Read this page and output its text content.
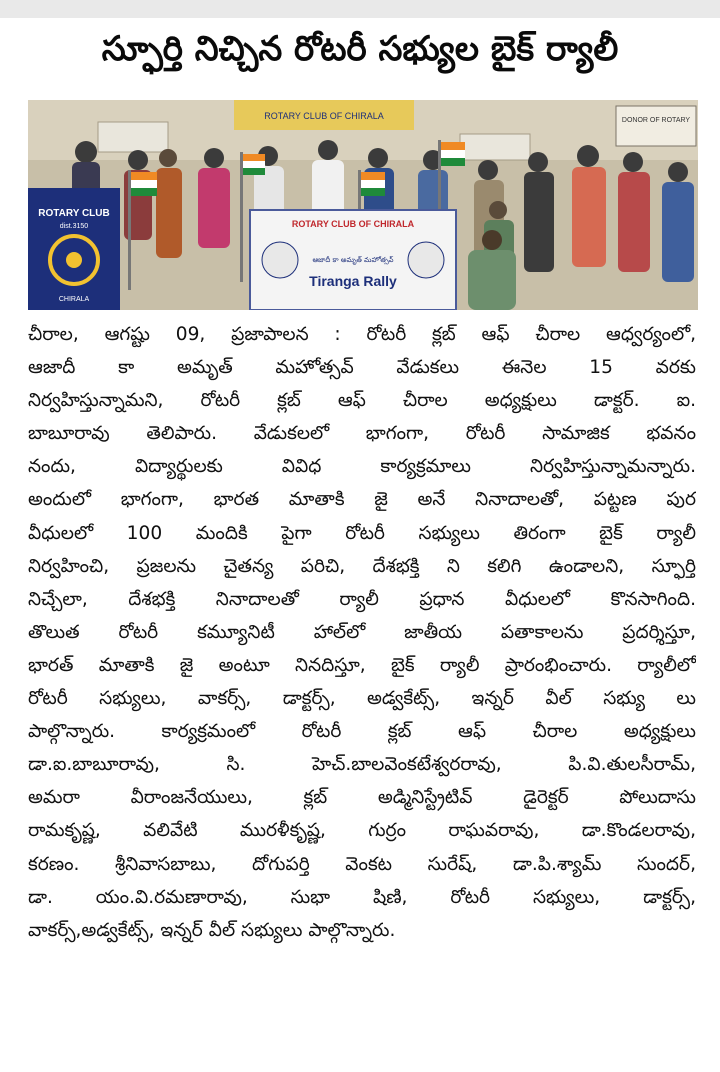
స్ఫూర్తి నిచ్చిన రోటరీ సభ్యుల బైక్ ర్యాలీ
ROTARY CLUB OF CHIRALA	DONOR OF ROTARY
ROTARY CLUB
dist.3150
CHIRALA
ROTARY CLUB OF CHIRALA
ఆజాదీ కా అమృత్ మహోత్సవ్
Tiranga Rally
చీరాల, ఆగష్టు 09, ప్రజాపాలన : రోటరీ క్లబ్ ఆఫ్ చీరాల ఆధ్వర్యంలో,
ఆజాదీ కా అమృత్ మహోత్సవ్ వేడుకలు ఈనెల 15 వరకు
నిర్వహిస్తున్నామని, రోటరీ క్లబ్ ఆఫ్ చీరాల అధ్యక్షులు డాక్టర్. ఐ.
బాబూరావు తెలిపారు. వేడుకలలో భాగంగా, రోటరీ సామాజిక భవనం
నందు, విద్యార్థులకు వివిధ కార్యక్రమాలు నిర్వహిస్తున్నామన్నారు.
అందులో భాగంగా, భారత మాతాకి జై అనే నినాదాలతో, పట్టణ పుర
వీధులలో 100 మందికి పైగా రోటరీ సభ్యులు తిరంగా బైక్ ర్యాలీ
నిర్వహించి, ప్రజలను చైతన్య పరిచి, దేశభక్తి ని కలిగి ఉండాలని, స్ఫూర్తి
నిచ్చేలా, దేశభక్తి నినాదాలతో ర్యాలీ ప్రధాన వీధులలో కొనసాగింది.
తొలుత రోటరీ కమ్యూనిటీ హాల్‌లో జాతీయ పతాకాలను ప్రదర్శిస్తూ,
భారత్ మాతాకి జై అంటూ నినదిస్తూ, బైక్ ర్యాలీ ప్రారంభించారు. ర్యాలీలో
రోటరీ సభ్యులు, వాకర్స్, డాక్టర్స్, అడ్వకేట్స్, ఇన్నర్ వీల్ సభ్యు లు
పాల్గొన్నారు. కార్యక్రమంలో రోటరీ క్లబ్ ఆఫ్ చీరాల అధ్యక్షులు
డా.ఐ.బాబూరావు, సి. హెచ్.బాలవెంకటేశ్వరరావు, పి.వి.తులసీరామ్,
అమరా వీరాంజనేయులు, క్లబ్ అడ్మినిస్ట్రేటివ్ డైరెక్టర్ పోలుదాసు
రామకృష్ణ, వలివేటి మురళీకృష్ణ, గుర్రం రాఘవరావు, డా.కొండలరావు,
కరణం. శ్రీనివాసబాబు, దోగుపర్తి వెంకట సురేష్, డా.పి.శ్యామ్ సుందర్,
డా. యం.వి.రమణారావు, సుభా షిణి, రోటరీ సభ్యులు, డాక్టర్స్,
వాకర్స్,అడ్వకేట్స్, ఇన్నర్ వీల్ సభ్యులు పాల్గొన్నారు.
